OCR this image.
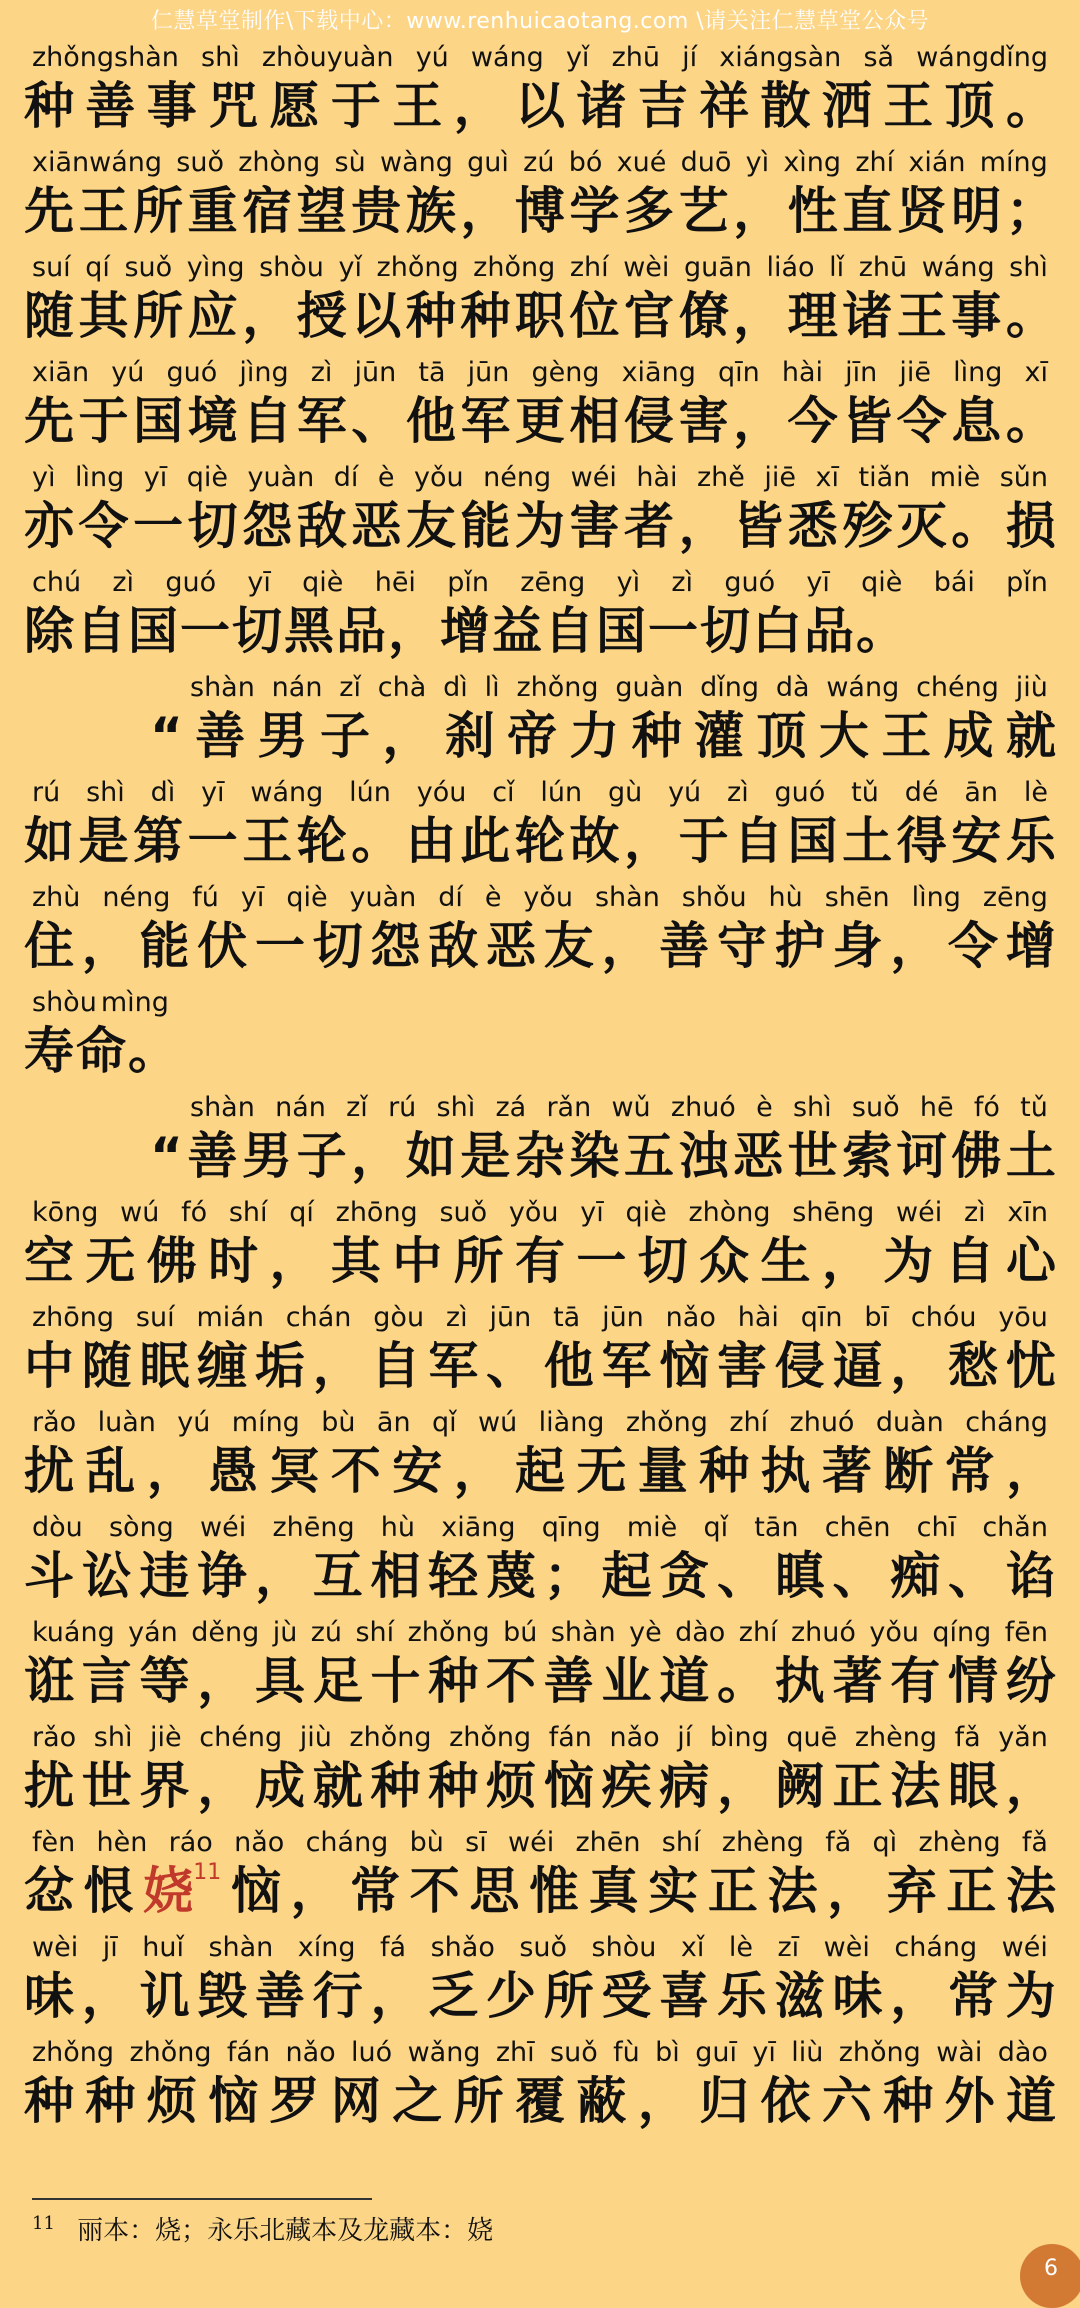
仁慧草堂制作\下载中心：www.renhuicaotang.com \请关注仁慧草堂公众号
zhǒngshàn shì zhòuyuàn yú wáng yǐ zhū jí xiángsàn sǎ wángdǐng
种 善 事 咒 愿 于 王 ， 以 诸 吉 祥 散 洒 王 顶 。
xiānwáng suǒ zhòng sù wàng guì zú bó xué duō yì xìng zhí xián míng
先 王 所 重 宿 望 贵 族 ， 博 学 多 艺 ， 性 直 贤 明 ；
suí qí suǒ yìng shòu yǐ zhǒng zhǒng zhí wèi guān liáo lǐ zhū wáng shì
随 其 所 应 ， 授 以 种 种 职 位 官 僚 ， 理 诸 王 事 。
xiān yú guó jìng zì jūn tā jūn gèng xiāng qīn hài jīn jiē lìng xī
先 于 国 境 自 军 、 他 军 更 相 侵 害 ， 今 皆 令 息 。
yì lìng yī qiè yuàn dí è yǒu néng wéi hài zhě jiē xī tiǎn miè sǔn
亦 令 一 切 怨 敌 恶 友 能 为 害 者 ， 皆 悉 殄 灭 。 损
chú zì guó yī qiè hēi pǐn zēng yì zì guó yī qiè bái pǐn
除 自 国 一 切 黑 品 ， 增 益 自 国 一 切 白 品 。
shàn nán zǐ chà dì lì zhǒng guàn dǐng dà wáng chéng jiù
“ 善 男 子 ， 刹 帝 力 种 灌 顶 大 王 成 就
rú shì dì yī wáng lún yóu cǐ lún gù yú zì guó tǔ dé ān lè
如 是 第 一 王 轮 。 由 此 轮 故 ， 于 自 国 土 得 安 乐
zhù néng fú yī qiè yuàn dí è yǒu shàn shǒu hù shēn lìng zēng
住 ， 能 伏 一 切 怨 敌 恶 友 ， 善 守 护 身 ， 令 增
shòu mìng
寿 命 。
shàn nán zǐ rú shì zá rǎn wǔ zhuó è shì suǒ hē fó tǔ
“ 善 男 子 ， 如 是 杂 染 五 浊 恶 世 索 诃 佛 土
kōng wú fó shí qí zhōng suǒ yǒu yī qiè zhòng shēng wéi zì xīn
空 无 佛 时 ， 其 中 所 有 一 切 众 生 ， 为 自 心
zhōng suí mián chán gòu zì jūn tā jūn nǎo hài qīn bī chóu yōu
中 随 眠 缠 垢 ， 自 军 、 他 军 恼 害 侵 逼 ， 愁 忧
rǎo luàn yú míng bù ān qǐ wú liàng zhǒng zhí zhuó duàn cháng
扰 乱 ， 愚 冥 不 安 ， 起 无 量 种 执 著 断 常 ，
dòu sòng wéi zhēng hù xiāng qīng miè qǐ tān chēn chī chǎn
斗 讼 违 诤 ， 互 相 轻 蔑 ； 起 贪 、 瞋 、 痴 、 谄
kuáng yán děng jù zú shí zhǒng bú shàn yè dào zhí zhuó yǒu qíng fēn
诳 言 等 ， 具 足 十 种 不 善 业 道 。 执 著 有 情 纷
rǎo shì jiè chéng jiù zhǒng zhǒng fán nǎo jí bìng quē zhèng fǎ yǎn
扰 世 界 ， 成 就 种 种 烦 恼 疾 病 ， 阙 正 法 眼 ，
fèn hèn ráo nǎo cháng bù sī wéi zhēn shí zhèng fǎ qì zhèng fǎ
忿 恨 娆$^{11}$ 恼 ， 常 不 思 惟 真 实 正 法 ， 弃 正 法
wèi jī huǐ shàn xíng fá shǎo suǒ shòu xǐ lè zī wèi cháng wéi
味 ， 讥 毁 善 行 ， 乏 少 所 受 喜 乐 滋 味 ， 常 为
zhǒng zhǒng fán nǎo luó wǎng zhī suǒ fù bì guī yī liù zhǒng wài dào
种 种 烦 恼 罗 网 之 所 覆 蔽 ， 归 依 六 种 外 道
$^{11}$ 丽本：烧；永乐北藏本及龙藏本：娆
6
